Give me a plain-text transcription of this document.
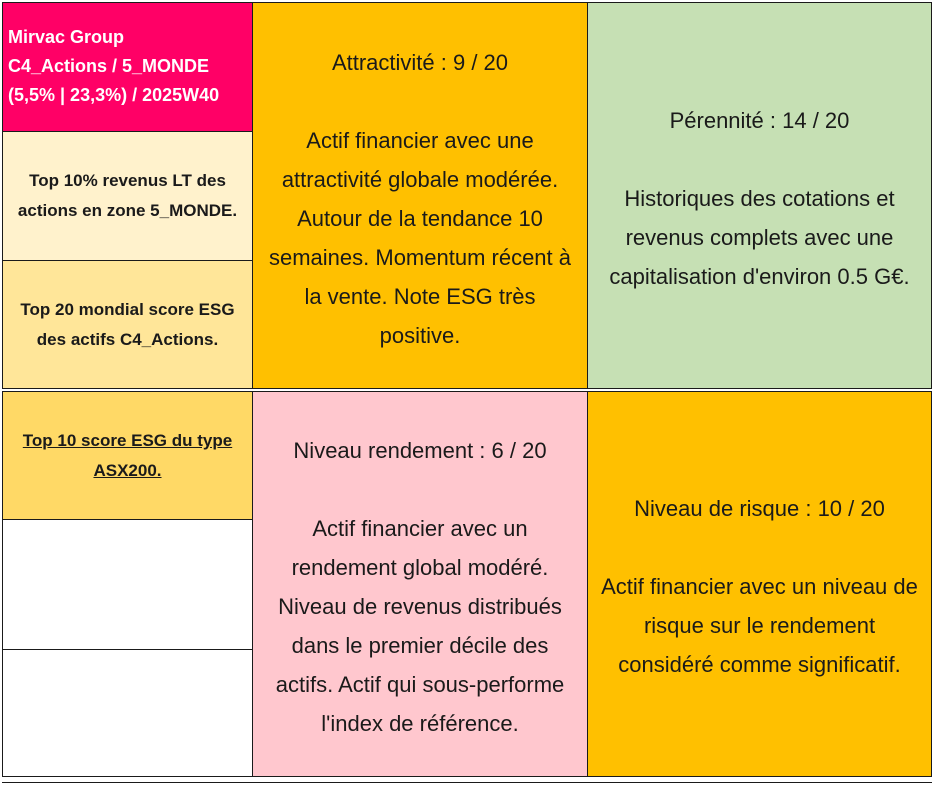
Mirvac Group
C4_Actions / 5_MONDE
(5,5% | 23,3%) / 2025W40
Top 10% revenus LT des
actions en zone 5_MONDE.
Top 20 mondial score ESG
des actifs C4_Actions.
Top 10 score ESG du type
ASX200.
Attractivité : 9 / 20
Actif financier avec une
attractivité globale modérée.
Autour de la tendance 10
semaines. Momentum récent à
la vente. Note ESG très
positive.
Pérennité : 14 / 20
Historiques des cotations et
revenus complets avec une
capitalisation d'environ 0.5 G€.
Niveau rendement : 6 / 20
Actif financier avec un
rendement global modéré.
Niveau de revenus distribués
dans le premier décile des
actifs. Actif qui sous-performe
l'index de référence.
Niveau de risque : 10 / 20
Actif financier avec un niveau de
risque sur le rendement
considéré comme significatif.
